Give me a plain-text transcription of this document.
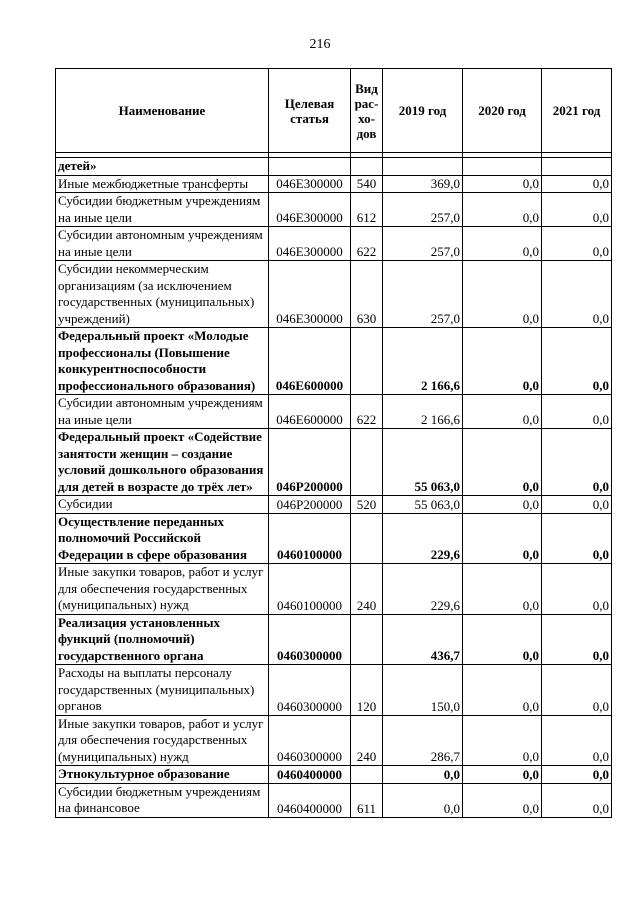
216
Наименование	Целевая статья	Вид рас-хо-дов	2019 год	2020 год	2021 год

детей»					
Иные межбюджетные трансферты	046Е300000	540	369,0	0,0	0,0
Субсидии бюджетным учреждениям на иные цели	046Е300000	612	257,0	0,0	0,0
Субсидии автономным учреждениям на иные цели	046Е300000	622	257,0	0,0	0,0
Субсидии некоммерческим организациям (за исключением государственных (муниципальных) учреждений)	046Е300000	630	257,0	0,0	0,0
Федеральный проект «Молодые профессионалы (Повышение конкурентноспособности профессионального образования)	046Е600000		2 166,6	0,0	0,0
Субсидии автономным учреждениям на иные цели	046Е600000	622	2 166,6	0,0	0,0
Федеральный проект «Содействие занятости женщин – создание условий дошкольного образования для детей в возрасте до трёх лет»	046Р200000		55 063,0	0,0	0,0
Субсидии	046Р200000	520	55 063,0	0,0	0,0
Осуществление переданных полномочий Российской Федерации в сфере образования	0460100000		229,6	0,0	0,0
Иные закупки товаров, работ и услуг для обеспечения государственных (муниципальных) нужд	0460100000	240	229,6	0,0	0,0
Реализация установленных функций (полномочий) государственного органа	0460300000		436,7	0,0	0,0
Расходы на выплаты персоналу государственных (муниципальных) органов	0460300000	120	150,0	0,0	0,0
Иные закупки товаров, работ и услуг для обеспечения государственных (муниципальных) нужд	0460300000	240	286,7	0,0	0,0
Этнокультурное образование	0460400000		0,0	0,0	0,0
Субсидии бюджетным учреждениям на финансовое	0460400000	611	0,0	0,0	0,0
